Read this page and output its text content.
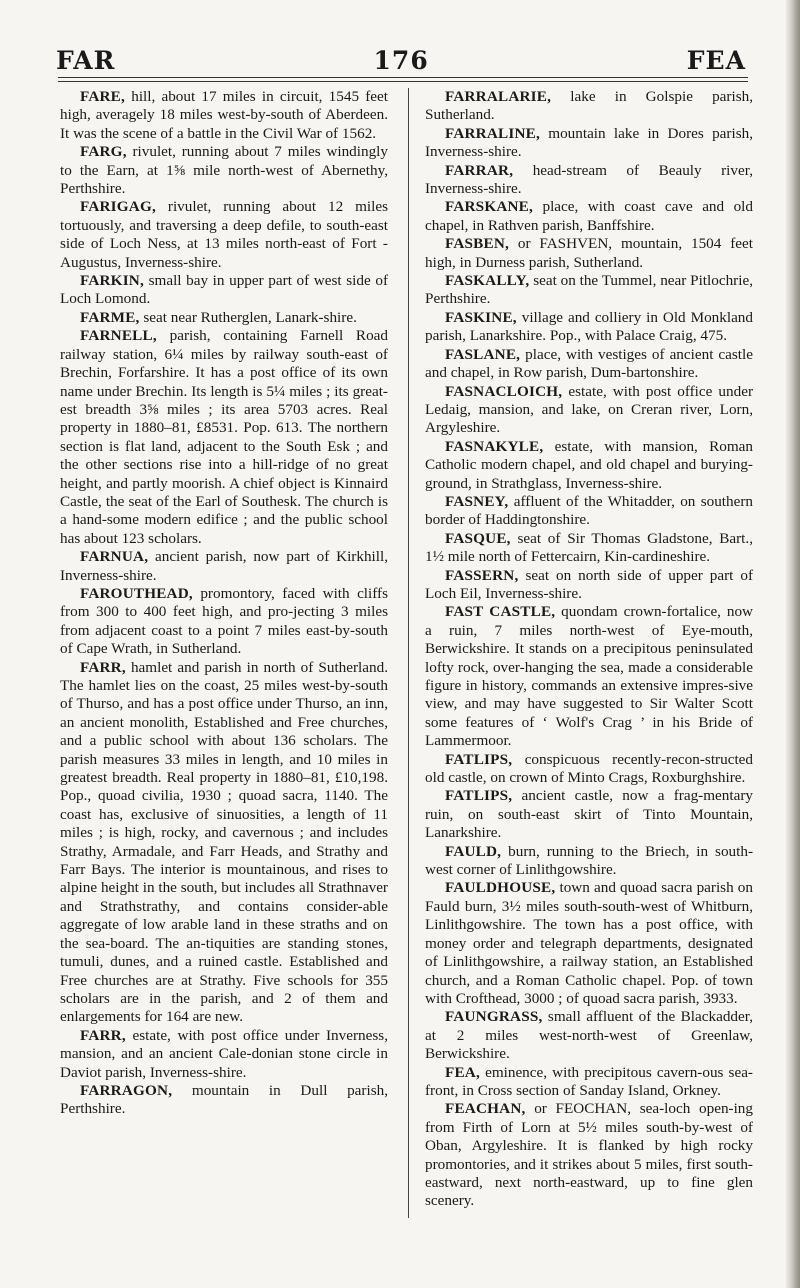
FAR	176	FEA

FARE, hill, about 17 miles in circuit, 1545 feet high, averagely 18 miles west-by-south of Aberdeen. It was the scene of a battle in the Civil War of 1562.

FARG, rivulet, running about 7 miles windingly to the Earn, at 1⅝ mile north-west of Abernethy, Perthshire.

FARIGAG, rivulet, running about 12 miles tortuously, and traversing a deep defile, to south-east side of Loch Ness, at 13 miles north-east of Fort - Augustus, Inverness-shire.

FARKIN, small bay in upper part of west side of Loch Lomond.

FARME, seat near Rutherglen, Lanark-shire.

FARNELL, parish, containing Farnell Road railway station, 6¼ miles by railway south-east of Brechin, Forfarshire. It has a post office of its own name under Brechin. Its length is 5¼ miles ; its great-est breadth 3⅝ miles ; its area 5703 acres. Real property in 1880–81, £8531. Pop. 613. The northern section is flat land, adjacent to the South Esk ; and the other sections rise into a hill-ridge of no great height, and partly moorish. A chief object is Kinnaird Castle, the seat of the Earl of Southesk. The church is a hand-some modern edifice ; and the public school has about 123 scholars.

FARNUA, ancient parish, now part of Kirkhill, Inverness-shire.

FAROUTHEAD, promontory, faced with cliffs from 300 to 400 feet high, and pro-jecting 3 miles from adjacent coast to a point 7 miles east-by-south of Cape Wrath, in Sutherland.

FARR, hamlet and parish in north of Sutherland. The hamlet lies on the coast, 25 miles west-by-south of Thurso, and has a post office under Thurso, an inn, an ancient monolith, Established and Free churches, and a public school with about 136 scholars. The parish measures 33 miles in length, and 10 miles in greatest breadth. Real property in 1880–81, £10,198. Pop., quoad civilia, 1930 ; quoad sacra, 1140. The coast has, exclusive of sinuosities, a length of 11 miles ; is high, rocky, and cavernous ; and includes Strathy, Armadale, and Farr Heads, and Strathy and Farr Bays. The interior is mountainous, and rises to alpine height in the south, but includes all Strathnaver and Strathstrathy, and contains consider-able aggregate of low arable land in these straths and on the sea-board. The an-tiquities are standing stones, tumuli, dunes, and a ruined castle. Established and Free churches are at Strathy. Five schools for 355 scholars are in the parish, and 2 of them and enlargements for 164 are new.

FARR, estate, with post office under Inverness, mansion, and an ancient Cale-donian stone circle in Daviot parish, Inverness-shire.

FARRAGON, mountain in Dull parish, Perthshire.

FARRALARIE, lake in Golspie parish, Sutherland.

FARRALINE, mountain lake in Dores parish, Inverness-shire.

FARRAR, head-stream of Beauly river, Inverness-shire.

FARSKANE, place, with coast cave and old chapel, in Rathven parish, Banffshire.

FASBEN, or FASHVEN, mountain, 1504 feet high, in Durness parish, Sutherland.

FASKALLY, seat on the Tummel, near Pitlochrie, Perthshire.

FASKINE, village and colliery in Old Monkland parish, Lanarkshire. Pop., with Palace Craig, 475.

FASLANE, place, with vestiges of ancient castle and chapel, in Row parish, Dum-bartonshire.

FASNACLOICH, estate, with post office under Ledaig, mansion, and lake, on Creran river, Lorn, Argyleshire.

FASNAKYLE, estate, with mansion, Roman Catholic modern chapel, and old chapel and burying-ground, in Strathglass, Inverness-shire.

FASNEY, affluent of the Whitadder, on southern border of Haddingtonshire.

FASQUE, seat of Sir Thomas Gladstone, Bart., 1½ mile north of Fettercairn, Kin-cardineshire.

FASSERN, seat on north side of upper part of Loch Eil, Inverness-shire.

FAST CASTLE, quondam crown-fortalice, now a ruin, 7 miles north-west of Eye-mouth, Berwickshire. It stands on a precipitous peninsulated lofty rock, over-hanging the sea, made a considerable figure in history, commands an extensive impres-sive view, and may have suggested to Sir Walter Scott some features of ‘ Wolf's Crag ’ in his Bride of Lammermoor.

FATLIPS, conspicuous recently-recon-structed old castle, on crown of Minto Crags, Roxburghshire.

FATLIPS, ancient castle, now a frag-mentary ruin, on south-east skirt of Tinto Mountain, Lanarkshire.

FAULD, burn, running to the Briech, in south-west corner of Linlithgowshire.

FAULDHOUSE, town and quoad sacra parish on Fauld burn, 3½ miles south-south-west of Whitburn, Linlithgowshire. The town has a post office, with money order and telegraph departments, designated of Linlithgowshire, a railway station, an Established church, and a Roman Catholic chapel. Pop. of town with Crofthead, 3000 ; of quoad sacra parish, 3933.

FAUNGRASS, small affluent of the Blackadder, at 2 miles west-north-west of Greenlaw, Berwickshire.

FEA, eminence, with precipitous cavern-ous sea-front, in Cross section of Sanday Island, Orkney.

FEACHAN, or FEOCHAN, sea-loch open-ing from Firth of Lorn at 5½ miles south-by-west of Oban, Argyleshire. It is flanked by high rocky promontories, and it strikes about 5 miles, first south-eastward, next north-eastward, up to fine glen scenery.
